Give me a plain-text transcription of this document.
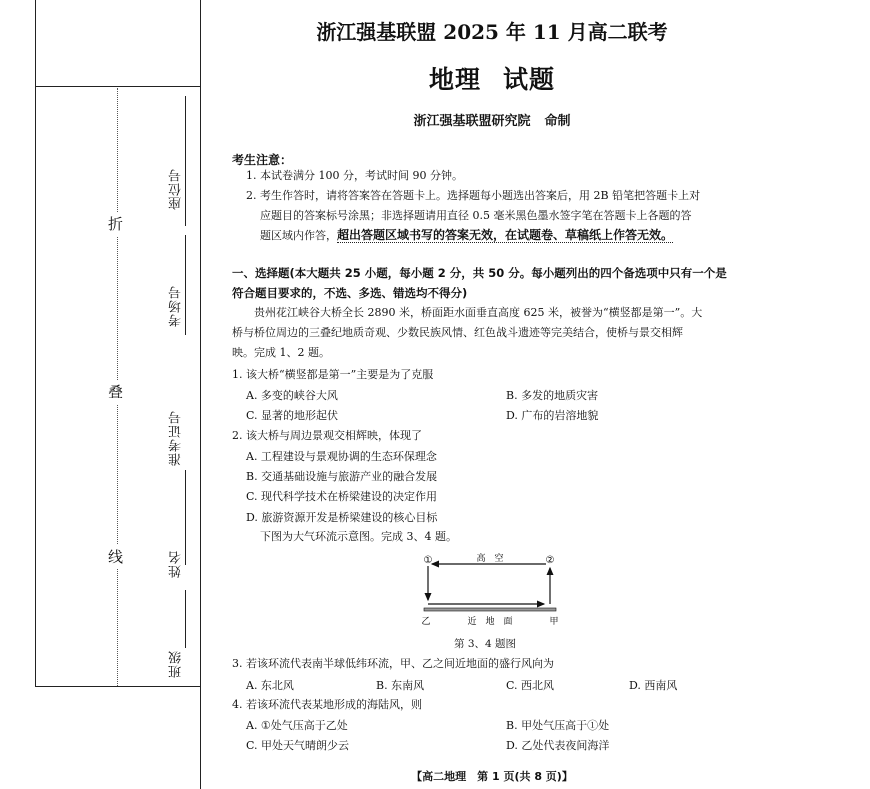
折
叠
线
座位号
考场号
准考证号
姓名
班级
浙江强基联盟 2025 年 11 月高二联考
地理 试题
浙江强基联盟研究院 命制
考生注意：
1. 本试卷满分 100 分，考试时间 90 分钟。
2. 考生作答时，请将答案答在答题卡上。选择题每小题选出答案后，用 2B 铅笔把答题卡上对
应题目的答案标号涂黑；非选择题请用直径 0.5 毫米黑色墨水签字笔在答题卡上各题的答
题区域内作答，超出答题区域书写的答案无效，在试题卷、草稿纸上作答无效。
一、选择题(本大题共 25 小题，每小题 2 分，共 50 分。每小题列出的四个备选项中只有一个是
符合题目要求的，不选、多选、错选均不得分)
贵州花江峡谷大桥全长 2890 米，桥面距水面垂直高度 625 米，被誉为“横竖都是第一”。大
桥与桥位周边的三叠纪地质奇观、少数民族风情、红色战斗遗迹等完美结合，使桥与景交相辉
映。完成 1、2 题。
1. 该大桥“横竖都是第一”主要是为了克服
A. 多变的峡谷大风	B. 多发的地质灾害
C. 显著的地形起伏	D. 广布的岩溶地貌
2. 该大桥与周边景观交相辉映，体现了
A. 工程建设与景观协调的生态环保理念
B. 交通基础设施与旅游产业的融合发展
C. 现代科学技术在桥梁建设的决定作用
D. 旅游资源开发是桥梁建设的核心目标
下图为大气环流示意图。完成 3、4 题。
①	②
高　空
近　地　面
乙	甲
第 3、4 题图
3. 若该环流代表南半球低纬环流，甲、乙之间近地面的盛行风向为
A. 东北风	B. 东南风	C. 西北风	D. 西南风
4. 若该环流代表某地形成的海陆风，则
A. ①处气压高于乙处	B. 甲处气压高于①处
C. 甲处天气晴朗少云	D. 乙处代表夜间海洋
【高二地理　第 1 页(共 8 页)】
